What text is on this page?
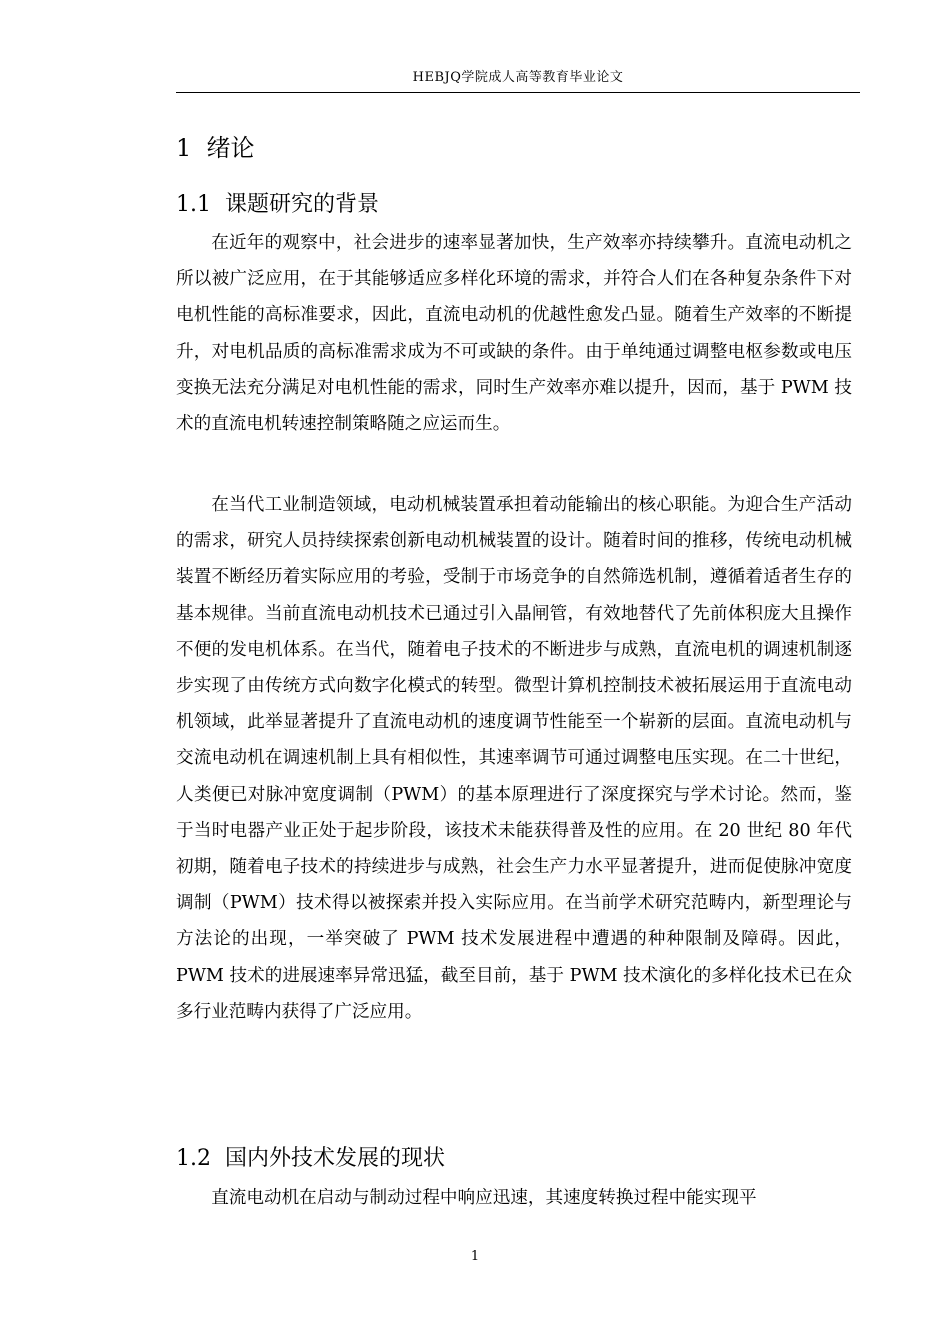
HEBJQ学院成人高等教育毕业论文
1  绪论
1.1  课题研究的背景

在近年的观察中，社会进步的速率显著加快，生产效率亦持续攀升。直流电动机之所以被广泛应用，在于其能够适应多样化环境的需求，并符合人们在各种复杂条件下对电机性能的高标准要求，因此，直流电动机的优越性愈发凸显。随着生产效率的不断提升，对电机品质的高标准需求成为不可或缺的条件。由于单纯通过调整电枢参数或电压变换无法充分满足对电机性能的需求，同时生产效率亦难以提升，因而，基于 PWM 技术的直流电机转速控制策略随之应运而生。

在当代工业制造领域，电动机械装置承担着动能输出的核心职能。为迎合生产活动的需求，研究人员持续探索创新电动机械装置的设计。随着时间的推移，传统电动机械装置不断经历着实际应用的考验，受制于市场竞争的自然筛选机制，遵循着适者生存的基本规律。当前直流电动机技术已通过引入晶闸管，有效地替代了先前体积庞大且操作不便的发电机体系。在当代，随着电子技术的不断进步与成熟，直流电机的调速机制逐步实现了由传统方式向数字化模式的转型。微型计算机控制技术被拓展运用于直流电动机领域，此举显著提升了直流电动机的速度调节性能至一个崭新的层面。直流电动机与交流电动机在调速机制上具有相似性，其速率调节可通过调整电压实现。在二十世纪，人类便已对脉冲宽度调制（PWM）的基本原理进行了深度探究与学术讨论。然而，鉴于当时电器产业正处于起步阶段，该技术未能获得普及性的应用。在 20 世纪 80 年代初期，随着电子技术的持续进步与成熟，社会生产力水平显著提升，进而促使脉冲宽度调制（PWM）技术得以被探索并投入实际应用。在当前学术研究范畴内，新型理论与方法论的出现，一举突破了 PWM 技术发展进程中遭遇的种种限制及障碍。因此，PWM 技术的进展速率异常迅猛，截至目前，基于 PWM 技术演化的多样化技术已在众多行业范畴内获得了广泛应用。

1.2  国内外技术发展的现状

直流电动机在启动与制动过程中响应迅速，其速度转换过程中能实现平

1
